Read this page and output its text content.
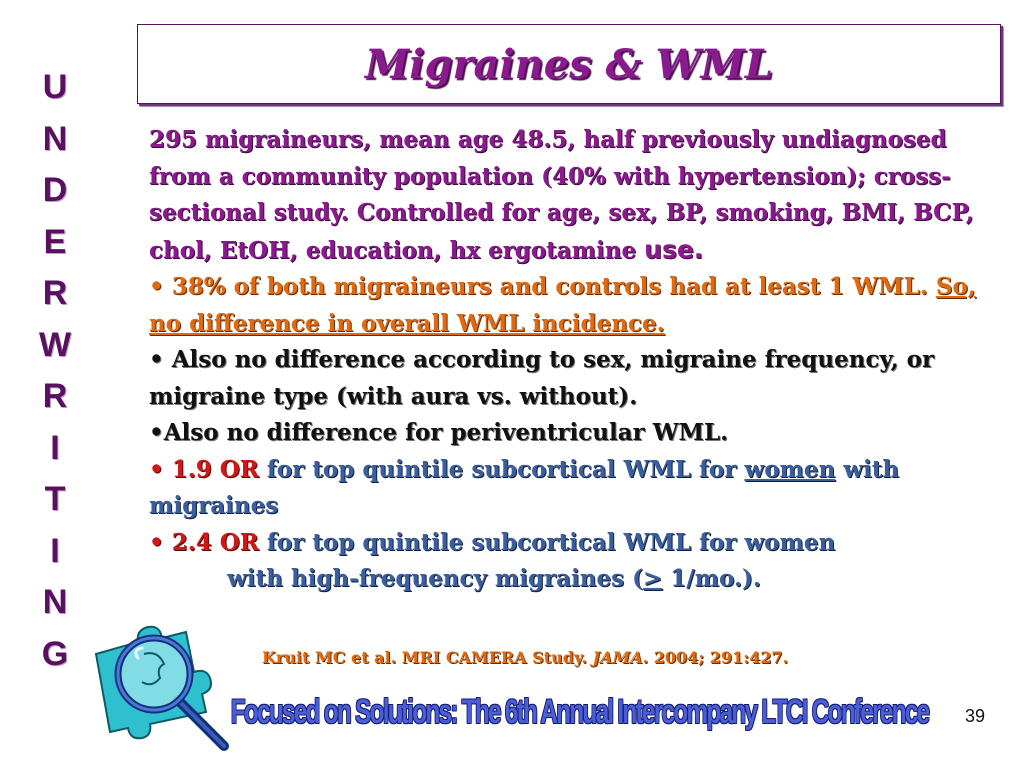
U
N
D
E
R
W
R
I
T
I
N
G
Migraines & WML

295 migraineurs, mean age 48.5, half previously undiagnosed from a community population (40% with hypertension); cross-sectional study. Controlled for age, sex, BP, smoking, BMI, BCP, chol, EtOH, education, hx ergotamine use.

• 38% of both migraineurs and controls had at least 1 WML. So, no difference in overall WML incidence.

• Also no difference according to sex, migraine frequency, or migraine type (with aura vs. without).

•Also no difference for periventricular WML.

• 1.9 OR for top quintile subcortical WML for women with migraines

• 2.4 OR for top quintile subcortical WML for women

with high-frequency migraines (≥ 1/mo.).

Kruit MC et al. MRI CAMERA Study. JAMA. 2004; 291:427.
Focused on Solutions: The 6th Annual Intercompany LTCI Conference 39
